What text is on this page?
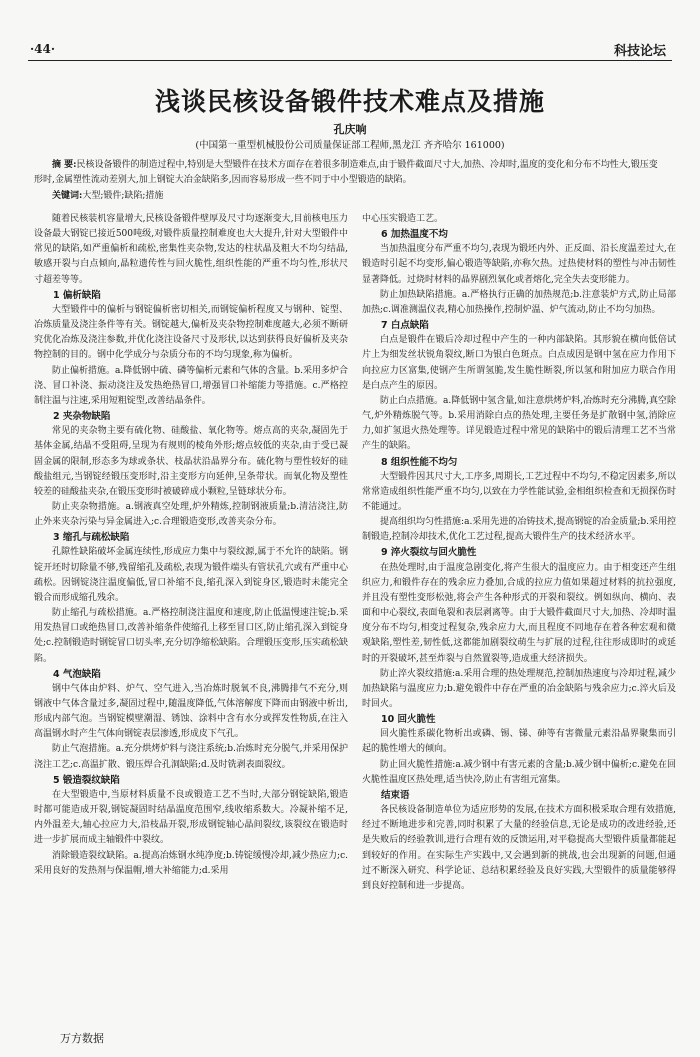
·44·	科技论坛
浅谈民核设备锻件技术难点及措施
孔庆响
(中国第一重型机械股份公司质量保证部工程师,黑龙江 齐齐哈尔 161000)
摘 要:民核设备锻件的制造过程中,特别是大型锻件在技术方面存在着很多制造难点,由于锻件截面尺寸大,加热、冷却时,温度的变化和分布不均性大,锻压变形时,金属塑性流动差别大,加上钢锭大冶金缺陷多,因而容易形成一些不同于中小型锻造的缺陷。
关键词:大型;锻件;缺陷;措施

随着民核装机容量增大,民核设备锻件壁厚及尺寸均逐渐变大,目前核电压力设备最大钢锭已接近500吨级,对锻件质量控制难度也大大提升,针对大型锻件中常见的缺陷,如严重偏析和疏松,密集性夹杂物,发达的柱状晶及粗大不均匀结晶,敏感开裂与白点倾向,晶粒遗传性与回火脆性,组织性能的严重不均匀性,形状尺寸超差等等。

1 偏析缺陷

大型锻件中的偏析与钢锭偏析密切相关,而钢锭偏析程度又与钢种、锭型、冶炼质量及浇注条件等有关。钢锭越大,偏析及夹杂物控制难度越大,必须不断研究优化冶炼及浇注参数,并优化浇注设备尺寸及形状,以达到获得良好偏析及夹杂物控制的目的。钢中化学成分与杂质分布的不均匀现象,称为偏析。

防止偏析措施。a.降低钢中硫、磷等偏析元素和气体的含量。b.采用多炉合浇、冒口补浇、振动浇注及发热绝热冒口,增强冒口补缩能力等措施。c.严格控制注温与注速,采用短粗锭型,改善结晶条件。

2 夹杂物缺陷

常见的夹杂物主要有硫化物、硅酸盐、氧化物等。熔点高的夹杂,凝固先于基体金属,结晶不受阻碍,呈现为有规则的棱角外形;熔点较低的夹杂,由于受已凝固金属的限制,形态多为球或条状、枝晶状沿晶界分布。硫化物与塑性较好的硅酸盐组元,当钢锭经锻压变形时,沿主变形方向延伸,呈条带状。而氧化物及塑性较差的硅酸盐夹杂,在锻压变形时被破碎成小颗粒,呈链球状分布。

防止夹杂物措施。a.钢液真空处理,炉外精炼,控制钢液质量;b.清洁浇注,防止外来夹杂污染与异金属进入;c.合理锻造变形,改善夹杂分布。

3 缩孔与疏松缺陷

孔隙性缺陷破坏金属连续性,形成应力集中与裂纹源,属于不允许的缺陷。钢锭开坯时切除量不够,残留缩孔及疏松,表现为锻件端头有管状孔穴或有严重中心疏松。因钢锭浇注温度偏低,冒口补缩不良,缩孔深入到锭身区,锻造时未能完全锻合而形成缩孔残余。

防止缩孔与疏松措施。a.严格控制浇注温度和速度,防止低温慢速注锭;b.采用发热冒口或绝热冒口,改善补缩条件使缩孔上移至冒口区,防止缩孔深入到锭身处;c.控制锻造时钢锭冒口切头率,充分切净缩松缺陷。合理锻压变形,压实疏松缺陷。

4 气泡缺陷

钢中气体由炉料、炉气、空气进入,当冶炼时脱氧不良,沸腾排气不充分,则钢液中气体含量过多,凝固过程中,随温度降低,气体溶解度下降而由钢液中析出,形成内部气泡。当钢锭模壁潮湿、锈蚀、涂料中含有水分或挥发性物质,在注入高温钢水时产生气体向钢锭表层渗透,形成皮下气孔。

防止气泡措施。a.充分烘烤炉料与浇注系统;b.冶炼时充分脱气,并采用保护浇注工艺;c.高温扩散、锻压焊合孔洞缺陷;d.及时铣剥表面裂纹。

5 锻造裂纹缺陷

在大型锻造中,当原材料质量不良或锻造工艺不当时,大部分钢锭缺陷,锻造时都可能造成开裂,钢锭凝固时结晶温度范围窄,线收缩系数大。冷凝补缩不足,内外温差大,轴心拉应力大,沿枝晶开裂,形成钢锭轴心晶间裂纹,该裂纹在锻造时进一步扩展而成主轴锻件中裂纹。

消除锻造裂纹缺陷。a.提高冶炼钢水纯净度;b.铸锭缓慢冷却,减少热应力;c.采用良好的发热剂与保温帽,增大补缩能力;d.采用

中心压实锻造工艺。

6 加热温度不均

当加热温度分布严重不均匀,表现为锻坯内外、正反面、沿长度温差过大,在锻造时引起不均变形,偏心锻造等缺陷,亦称欠热。过热使材料的塑性与冲击韧性显著降低。过烧时材料的晶界剧烈氧化或者熔化,完全失去变形能力。

防止加热缺陷措施。a.严格执行正确的加热规范;b.注意装炉方式,防止局部加热;c.调准测温仪表,精心加热操作,控制炉温、炉气流动,防止不均匀加热。

7 白点缺陷

白点是锻件在锻后冷却过程中产生的一种内部缺陷。其形貌在横向低倍试片上为细发丝状锐角裂纹,断口为银白色斑点。白点成因是钢中氢在应力作用下向拉应力区富集,使钢产生所谓氢脆,发生脆性断裂,所以氢和附加应力联合作用是白点产生的原因。

防止白点措施。a.降低钢中氢含量,如注意烘烤炉料,冶炼时充分沸腾,真空除气,炉外精炼脱气等。b.采用消除白点的热处理,主要任务是扩散钢中氢,消除应力,如扩氢退火热处理等。详见锻造过程中常见的缺陷中的锻后清理工艺不当常产生的缺陷。

8 组织性能不均匀

大型锻件因其尺寸大,工序多,周期长,工艺过程中不均匀,不稳定因素多,所以常常造成组织性能严重不均匀,以致在力学性能试验,金相组织检查和无损探伤时不能通过。

提高组织均匀性措施:a.采用先进的冶铸技术,提高钢锭的冶金质量;b.采用控制锻造,控制冷却技术,优化工艺过程,提高大锻件生产的技术经济水平。

9 淬火裂纹与回火脆性

在热处理时,由于温度急剧变化,将产生很大的温度应力。由于相变还产生组织应力,和锻件存在的残余应力叠加,合成的拉应力值如果超过材料的抗拉强度,并且没有塑性变形松弛,将会产生各种形式的开裂和裂纹。例如纵向、横向、表面和中心裂纹,表面龟裂和表层剥离等。由于大锻件截面尺寸大,加热、冷却时温度分布不均匀,相变过程复杂,残余应力大,而且程度不同地存在着各种宏观和微观缺陷,塑性差,韧性低,这都能加剧裂纹萌生与扩展的过程,往往形成即时的或延时的开裂破坏,甚至炸裂与自然置裂等,造成重大经济损失。

防止淬火裂纹措施:a.采用合理的热处理规范,控制加热速度与冷却过程,减少加热缺陷与温度应力;b.避免锻件中存在严重的冶金缺陷与残余应力;c.淬火后及时回火。

10 回火脆性

回火脆性系碳化物析出或磷、锡、锑、砷等有害微量元素沿晶界聚集而引起的脆性增大的倾向。

防止回火脆性措施:a.减少钢中有害元素的含量;b.减少钢中偏析;c.避免在回火脆性温度区热处理,适当快冷,防止有害组元富集。

结束语

各民核设备制造单位为适应形势的发展,在技术方面积极采取合理有效措施,经过不断地进步和完善,同时积累了大量的经验信息,无论是成功的改进经验,还是失败后的经验教训,进行合理有效的反馈运用,对平稳提高大型锻件质量都能起到较好的作用。在实际生产实践中,又会遇到新的挑战,也会出现新的问题,但通过不断深入研究、科学论证、总结积累经验及良好实践,大型锻件的质量能够得到良好控制和进一步提高。

万方数据
